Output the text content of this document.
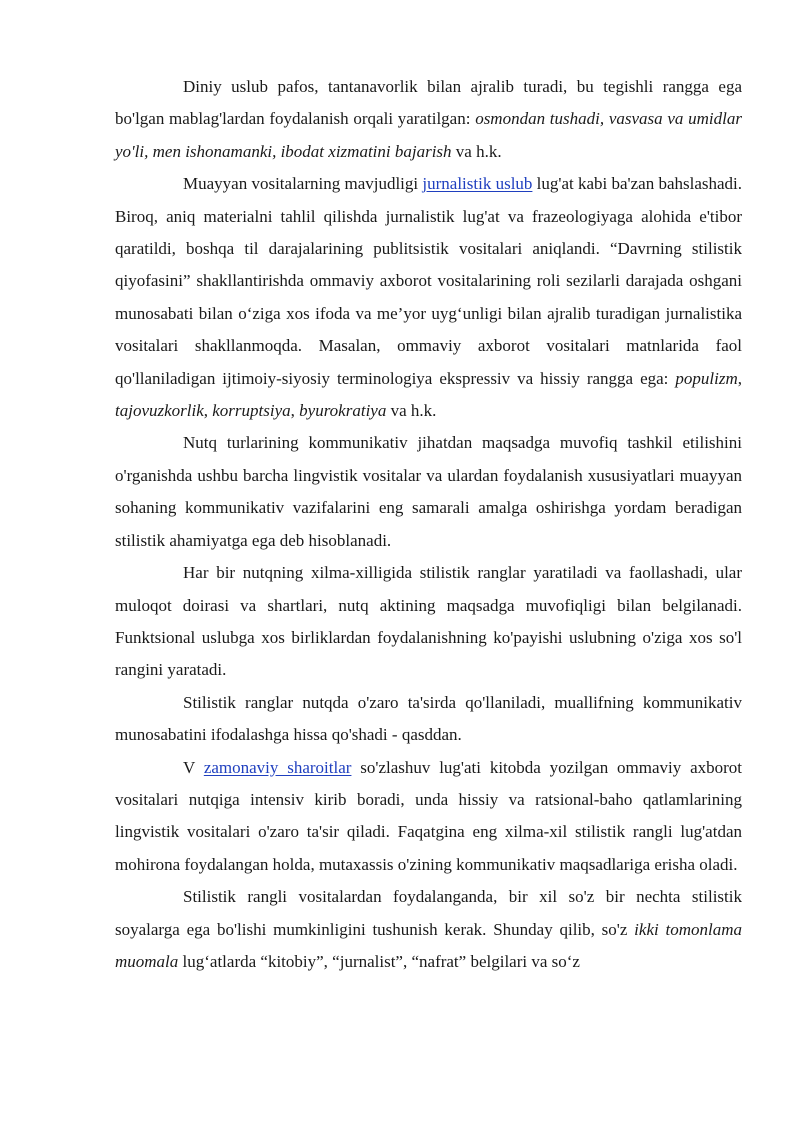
Diniy uslub pafos, tantanavorlik bilan ajralib turadi, bu tegishli rangga ega bo'lgan mablag'lardan foydalanish orqali yaratilgan: osmondan tushadi, vasvasa va umidlar yo'li, men ishonamanki, ibodat xizmatini bajarish va h.k.

Muayyan vositalarning mavjudligi jurnalistik uslub lug'at kabi ba'zan bahslashadi. Biroq, aniq materialni tahlil qilishda jurnalistik lug'at va frazeologiyaga alohida e'tibor qaratildi, boshqa til darajalarining publitsistik vositalari aniqlandi. “Davrning stilistik qiyofasini” shakllantirishda ommaviy axborot vositalarining roli sezilarli darajada oshgani munosabati bilan oʻziga xos ifoda va me’yor uygʻunligi bilan ajralib turadigan jurnalistika vositalari shakllanmoqda. Masalan, ommaviy axborot vositalari matnlarida faol qo'llaniladigan ijtimoiy-siyosiy terminologiya ekspressiv va hissiy rangga ega: populizm, tajovuzkorlik, korruptsiya, byurokratiya va h.k.

Nutq turlarining kommunikativ jihatdan maqsadga muvofiq tashkil etilishini o'rganishda ushbu barcha lingvistik vositalar va ulardan foydalanish xususiyatlari muayyan sohaning kommunikativ vazifalarini eng samarali amalga oshirishga yordam beradigan stilistik ahamiyatga ega deb hisoblanadi.

Har bir nutqning xilma-xilligida stilistik ranglar yaratiladi va faollashadi, ular muloqot doirasi va shartlari, nutq aktining maqsadga muvofiqligi bilan belgilanadi. Funktsional uslubga xos birliklardan foydalanishning ko'payishi uslubning o'ziga xos so'l rangini yaratadi.

Stilistik ranglar nutqda o'zaro ta'sirda qo'llaniladi, muallifning kommunikativ munosabatini ifodalashga hissa qo'shadi - qasddan.

V zamonaviy sharoitlar so'zlashuv lug'ati kitobda yozilgan ommaviy axborot vositalari nutqiga intensiv kirib boradi, unda hissiy va ratsional-baho qatlamlarining lingvistik vositalari o'zaro ta'sir qiladi. Faqatgina eng xilma-xil stilistik rangli lug'atdan mohirona foydalangan holda, mutaxassis o'zining kommunikativ maqsadlariga erisha oladi.

Stilistik rangli vositalardan foydalanganda, bir xil so'z bir nechta stilistik soyalarga ega bo'lishi mumkinligini tushunish kerak. Shunday qilib, so'z ikki tomonlama muomala lugʻatlarda “kitobiy”, “jurnalist”, “nafrat” belgilari va soʻz
